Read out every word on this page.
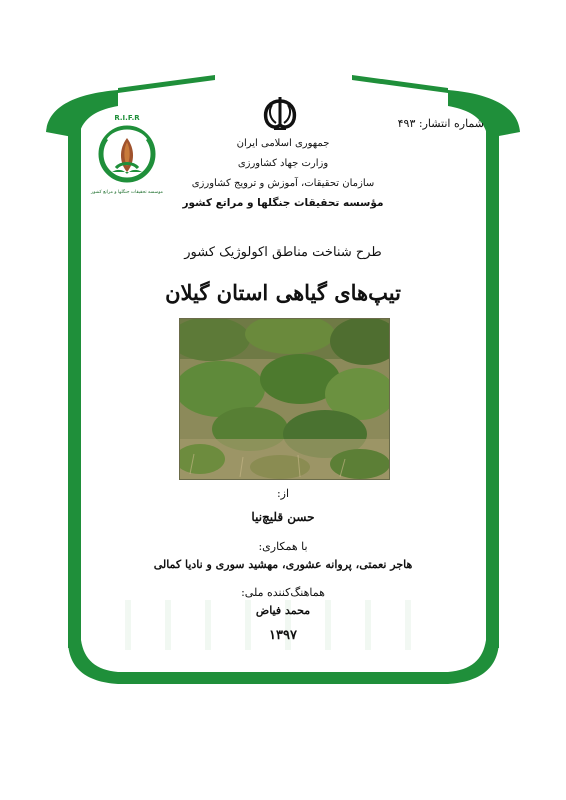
R.I.F.R
موسسه تحقیقات جنگلها و مراتع کشور
شماره انتشار: ۴۹۳
جمهوری اسلامی ایران
وزارت جهاد کشاورزی
سازمان تحقیقات، آموزش و ترویج کشاورزی
مؤسسه تحقیقات جنگلها و مراتع کشور
طرح شناخت مناطق اکولوژیک کشور
تیپ‌های گیاهی استان گیلان
از:
حسن قلیچ‌نیا
با همکاری:
هاجر نعمتی، پروانه عشوری، مهشید سوری و نادیا کمالی
هماهنگ‌کننده ملی:
محمد فیاض
۱۳۹۷
